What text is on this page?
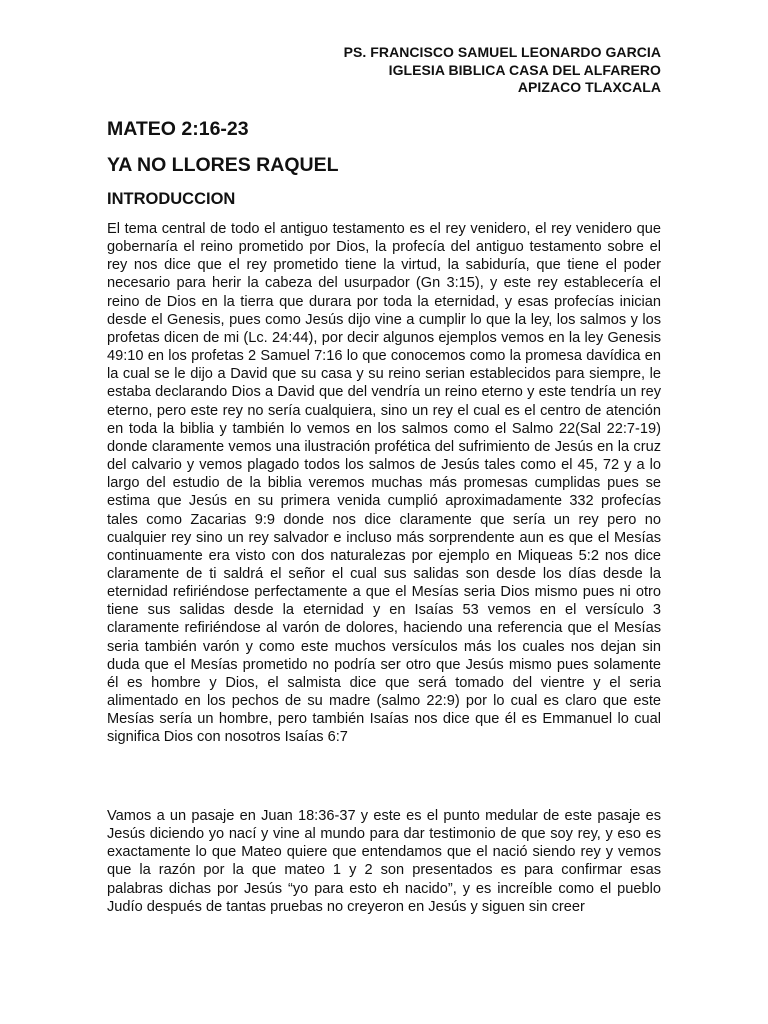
PS. FRANCISCO SAMUEL LEONARDO GARCIA
IGLESIA BIBLICA CASA DEL ALFARERO
APIZACO TLAXCALA
MATEO 2:16-23
YA NO LLORES RAQUEL
INTRODUCCION

El tema central de todo el antiguo testamento es el rey venidero, el rey venidero que gobernaría el reino prometido por Dios, la profecía del antiguo testamento sobre el rey nos dice que el rey prometido tiene la virtud, la sabiduría, que tiene el poder necesario para herir la cabeza del usurpador (Gn 3:15), y este rey establecería el reino de Dios en la tierra que durara por toda la eternidad, y esas profecías inician desde el Genesis, pues como Jesús dijo vine a cumplir lo que la ley, los salmos y los profetas dicen de mi (Lc. 24:44), por decir algunos ejemplos vemos en la ley Genesis 49:10 en los profetas 2 Samuel 7:16 lo que conocemos como la promesa davídica en la cual se le dijo a David que su casa y su reino serian establecidos para siempre, le estaba declarando Dios a David que del vendría un reino eterno y este tendría un rey eterno, pero este rey no sería cualquiera, sino un rey el cual es el centro de atención en toda la biblia y también lo vemos en los salmos como el Salmo 22(Sal 22:7-19) donde claramente vemos una ilustración profética del sufrimiento de Jesús en la cruz del calvario y vemos plagado todos los salmos de Jesús tales como el 45, 72 y a lo largo del estudio de la biblia veremos muchas más promesas cumplidas pues se estima que Jesús en su primera venida cumplió aproximadamente 332 profecías tales como Zacarias 9:9 donde nos dice claramente que sería un rey pero no cualquier rey sino un rey salvador e incluso más sorprendente aun es que el Mesías continuamente era visto con dos naturalezas por ejemplo en Miqueas 5:2 nos dice claramente de ti saldrá el señor el cual sus salidas son desde los días desde la eternidad refiriéndose perfectamente a que el Mesías seria Dios mismo pues ni otro tiene sus salidas desde la eternidad y en Isaías 53 vemos en el versículo 3 claramente refiriéndose al varón de dolores, haciendo una referencia que el Mesías seria también varón y como este muchos versículos más los cuales nos dejan sin duda que el Mesías prometido no podría ser otro que Jesús mismo pues solamente él es hombre y Dios, el salmista dice que será tomado del vientre y el seria alimentado en los pechos de su madre (salmo 22:9) por lo cual es claro que este Mesías sería un hombre, pero también Isaías nos dice que él es Emmanuel lo cual significa Dios con nosotros Isaías 6:7

Vamos a un pasaje en Juan 18:36-37 y este es el punto medular de este pasaje es Jesús diciendo yo nací y vine al mundo para dar testimonio de que soy rey, y eso es exactamente lo que Mateo quiere que entendamos que el nació siendo rey y vemos que la razón por la que mateo 1 y 2 son presentados es para confirmar esas palabras dichas por Jesús “yo para esto eh nacido”, y es increíble como el pueblo Judío después de tantas pruebas no creyeron en Jesús y siguen sin creer
